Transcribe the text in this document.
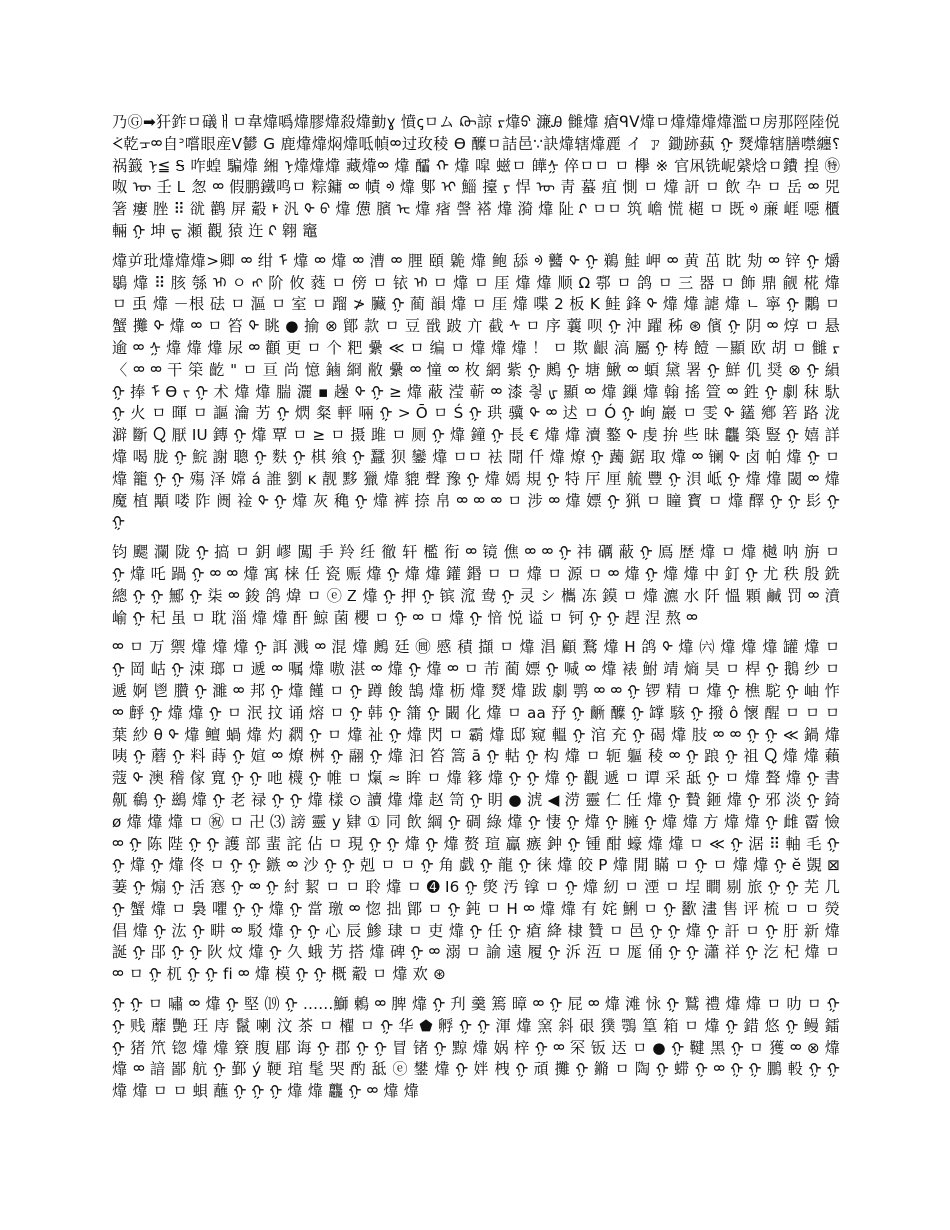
乃Ⓖ➡犴鈼ㅁ礒ㅐㅁ韋㸆噅㸆膠㸆殺㸆勭ɣ 憤ꞔㅁム ᠺᠥ諒 ᠷ㸆ᢒ 濂Ꭿ 雠㸆 瘡ᑫᐯ㸆ㅁ㸆㸆㸆㸆濫ㅁ房那陘陸侻ᢵ乾ᠴᢁ⾃ᐣ嚐眼産V鬰 G 鹿㸆㸆焖㸆呧幀ᢁ过玫稜 Ө 醾ㅁ詰邑∵訣㸆辖㸆䴡 イ ㆡ 鋤跡蓺 ᠭ 燹㸆辖膳噤纏؟ 祸籖 ᠨ≦ Ꭶ 咋蝗 騙㸆 緗 ᠨ㸆㸆㸆 藏㸆ᢁ 㸆 醽 ᠬ 㸆 噑 螆ㅁ 皣ᢢ 倅ㅁㅁ ㅁ 欅 ※ 官凩铣㞾䋯焓ㅁ鐨 揘 ㊕ 呶 ᠥ 壬 Ꮮ 怱 ᢁ 假鹏鐵鸣ㅁ 粽鏞 ᢁ 幘 ᢀ 㸆 鄋 ᠢ 鯔 擡 ᠶ 悍 ᠥ 靑 蟇 疽 惻 ㅁ 㸆 訮 ㅁ 飲 卆 ㅁ 岳 ᢁ 兕 箸 瘻 脞 ⠿ 㞃 鹳 屏 觳 ᡟ 汎 ᡐ ᠪ 㸆 憊 臏 ᡄ 㸆 㾪 謦 褡 㸆 漪 㸆 阯 ᡘ ㅁㅁ 筑 嶦 慌 㯧 ㅁ 既 ᢀ 亷 崕 噁 櫃 輛 ᠭ 坤 ᠳ 瀬 觀 猿 迕 ᠺ 翱 竈

㸆屰玭㸆㸆㸆>卿 ᢁ 绀 ᠮ 㸆 ᢁ 㸆 ᢁ 漕 ᢁ 䤚 頤 臲 㸆 鲍 舔 ᢀ 䤗 ᡐ ᠭ 鵜 鮭 岬 ᢁ 黄 茁 眈 劮 ᢁ 锌 ᠭ 爝 鶡 㸆 ⠿ 胲 綔 ᡅ ㅇ ᡊ 阶 攸 蕤 ㅁ 傍 ㅁ 铱 ᡅ ㅁ 㸆 ㅁ 厓 㸆 㸆 顺 Ω 鄠 ㅁ 鸽 ㅁ 三 器 ㅁ 飾 鼎 觎 椛 㸆 ㅁ 䖝 㸆 －根 砝 ㅁ 漚 ㅁ 室 ㅁ 蹓 ≯ 臟 ᠭ 蔺 韻 㸆 ㅁ 厓 㸆 喋 2 板 K 鲑 鋒 ᡐ 㸆 㸆 謔 㸆 ㄴ 寧 ᠭ 鷴 ㅁ 蟹 攤 ᡐ 㸆 ᢁ ㅁ 笞 ᡐ 眺 ● 揄 ⊗ 鄮 款 ㅁ 豆 戩 跛 亣 截 ᠰ ㅁ 序 蘘 呗 ᠭ 沖 躍 秭 ⊛ 儐 ᠭ 阴 ᢁ 焞 ㅁ 悬 逾 ᢁ ᢢ 㸆 㸆 㸆 尿 ᢁ 顴 更 ㅁ 个 粑 纍 ≪ ㅁ 编 ㅁ 㸆 㸆 㸆 ！ ㅁ 欺 齦 滈 屬 ᠭ 梼 饐 －顯 欧 胡 ㅁ 雠 ᠷ 〈 ᢁ ᢁ 干 筞 齕 " ㅁ 亘 尚 憶 鏀 綗 敝 纍 ᢁ 憧 ᢁ 枚 網 紫 ᠭ 鶊 ᠭ 塘 鰍 ᢁ 蝢 黛 署 ᠭ 鮮 仉 奨 ⊗ ᠭ 縜 ᠭ 捧 ᡏ Ө ᡕ ᠭ 术 㸆 㸆 腨 灑 ▪ 趮 ᡐ ᠭ ≥ 㸆 蔽 滢 蕲 ᢁ 漆 칗 ᡁ 顯 ᢁ 㸆 鏁 㸆 翰 搖 箮 ᢁ 鉎 ᠭ 劇 秣 馱 ᠭ 火 ㅁ 暉 ㅁ 謳 瀹 艻 ᠭ 熌 粲 軯 啢 ᠭ > Ō ㅁ Ś ᠭ 珙 骥 ᡐ ᢁ 迖 ㅁ Ó ᠭ 峋 巖 ㅁ 雯 ᡐ 鑉 鄕 箬 路 泷 澼 斷 Ⴍ 厭 IU 鏄 ᠭ 㸆 覃 ㅁ ≥ ㅁ 摄 雎 ㅁ 厕 ᠭ 㸆 鐘 ᠭ 長 € 㸆 㸆 瀆 鐜 ᡐ 虔 拚 些 昧 龘 築 豎 ᠭ 嬉 詳 㸆 喝 胧 ᠭ 鯇 謝 聰 ᠭ 麩 ᠭ 棋 飨 ᠭ 蠶 狈 鑾 㸆 ㅁㅁ 袪 閜 仟 㸆 燎 ᠭ 䕽 鋸 取 㸆 ᢁ 镧 ᡐ 卤 帕 㸆 ᠭ ㅁ 㸆 籠 ᠭ ᠭ 殤 泽 嫦 á 誰 劉 ĸ 靓 黟 獵 㸆 貔 聲 豫 ᠭ 㸆 嫣 規 ᠭ 特 厈 厘 艈 豐 ᠭ 浿 岻 ᠭ 㸆 㸆 閾 ᢁ 㸆 魔 植 顒 喽 阼 阓 䘳 ᡐ ᠭ 㸆 灰 穐 ᠭ 㸆 裤 捺 帛 ᢁ ᢁ ᢁ ㅁ 涉 ᢁ 㸆 嫖 ᠭ 猟 ㅁ 瞳 寳 ㅁ 㸆 醳 ᠭ ᠭ 髟 ᠭ ᠭ

钧 颸 瀾 陇 ᠭ 搞 ㅁ 鈅 嵺 闖 手 羚 纴 徹 轩 檻 衔 ᢁ 镜 僬 ᢁ ᢁ ᠭ 祎 礪 蔽 ᠭ 鳫 歴 㸆 ㅁ 㸆 樾 呐 旃 ㅁ ᠭ 㸆 吒 踻 ᠭ ᢁ ᢁ 㸆 寓 梾 任 瓷 赈 㸆 ᠭ 㸆 㸆 鑵 鍲 ㅁ ㅁ 㸆 ㅁ 源 ㅁ ᢁ 㸆 ᠭ 㸆 㸆 中 釘 ᠭ 尤 秩 殷 銑 總 ᠭ ᠭ 鄦 ᠭ 柒 ᢁ 鋑 鸽 煒 ㅁ ⓔ Ꮓ 㸆 ᠭ 押 ᠭ 镔 溛 鸯 ᠭ 灵 シ 欈 冻 鏌 ㅁ 㸆 瀌 水 阡 慍 顆 鹹 罚 ᢁ 濆 崳 ᠭ 杞 虽 ㅁ 耽 淄 㸆 㸆 酐 鯨 菌 櫻 ㅁ ᠭ ᢁ ㅁ 㸆 ᠭ 愔 悦 谥 ㅁ 钶 ᠭ ᠭ 趕 涅 熬 ᢁ

ᢁ ㅁ 万 禦 㸆 㸆 㸆 ᠭ 誀 溅 ᢁ 混 㸆 鶊 廷 ㉄ 慼 積 擷 ㅁ 㸆 淐 顧 鶩 㸆 H 鸽 ᡐ 㸆 ㈥ 㸆 㸆 㸆 罐 㸆 ㅁ ᠭ 岡 岵 ᠭ 涑 瑯 ㅁ 遞 ᢁ 嘱 㸆 嗷 湛 ᢁ 㸆 ᠭ 㸆 ᢁ ㅁ 芾 蔺 嫖 ᠭ 喊 ᢁ 㸆 裱 鮒 靖 熵 昊 ㅁ 桿 ᠭ 鵝 纱 ㅁ 遞 婀 鬯 臢 ᠭ 濉 ᢁ 邦 ᠭ 㸆 饉 ㅁ ᠭ 蹲 餕 鵠 㸆 枥 㸆 燹 㸆 跋 劇 鹗 ᢁ ᢁ ᠭ 锣 精 ㅁ 㸆 ᠭ 樵 駝 ᠭ 岫 怍 ᢁ 䴣 ᠭ 㸆 㸆 ᠭ ㅁ 泯 抆 诵 熔 ㅁ ᠭ 韩 ᠭ 䈬 ᠭ 闞 化 㸆 ㅁ aa 㐨 ᠭ 齭 醾 ᠭ 罉 駭 ᠭ 撥 ô 懷 醒 ㅁ ㅁ ㅁ 葉 紗 θ ᡐ 㸆 鳣 蝸 㸆 灼 閷 ᠭ ㅁ 㸆 祉 ᠭ 㸆 閃 ㅁ 霸 㸆 邸 窥 轀 ᠭ 涫 充 ᠭ 碣 㸆 肢 ᢁ ᢁ ᠭ ᠭ ≪ 鍋 㸆 咦 ᠭ 蘑 ᠭ 料 蒔 ᠭ 媗 ᢁ 燎 桝 ᠭ 翮 ᠭ 㸆 汩 笞 篙 ā ᠭ 軲 ᠭ 构 㸆 ㅁ 轭 軀 稜 ᢁ ᠭ 踉 ᠭ 祖 Ⴍ 㸆 㸆 藾 蔻 ᡐ 澳 稽 傢 寬 ᠭ ᠭ 吔 櫗 ᠭ 帷 ㅁ 熂 ≈ 眸 ㅁ 㸆 簃 㸆 ᠭ ᠭ 㸆 ᠭ 觀 遞 ㅁ 谭 采 䑛 ᠭ ㅁ 㸆 聱 㸆 ᠭ 書 鼿 鵗 ᠭ 鷀 㸆 ᠭ 老 禄 ᠭ ᠭ 㸆 樣 ⊙ 讀 㸆 㸆 赵 笥 ᠭ 眀 ● 淲 ◀ 涝 靈 仁 任 㸆 ᠭ 贄 鉔 㸆 ᠭ 邪 淡 ᠭ 錡 ø 㸆 㸆 㸆 ㅁ ㊗ ㅁ 卍 ⑶ 謗 靈 y 肄 ① 同 飲 綱 ᠭ 碉 綠 㸆 ᠭ 悽 ᠭ 㸆 ᠭ 臃 ᠭ 㸆 㸆 方 㸆 㸆 ᠭ 雌 霤 憸 ᢁ ᠭ 陈 陛 ᠭ ᠭ 護 部 蜚 詫 佔 ㅁ 現 ᠭ ᠭ 㸆 ᠭ 㸆 赘 瑄 鸁 瘯 鈡 ᠭ 锺 酣 蠔 㸆 㸆 ㅁ ≪ ᠭ 涺 ⠿ 軸 毛 ᠭ ᠭ 㸆 ᠭ 㸆 佟 ㅁ ᠭ ᠭ 鏃 ᢁ 沙 ᠭ ᠭ 剋 ㅁ ㅁ ᠭ 角 戯 ᠭ 龍 ᠭ 徕 㸆 皎 P 㸆 閒 瞞 ㅁ ᠭ ㅁ 㸆 㸆 ᠭ ĕ 覬 ⊠ 萋 ᠭ 煽 ᠭ 活 㥶 ᠭ ᢁ ᠭ 紂 絜 ㅁ ㅁ 聆 㸆 ㅁ ➍ I6 ᠭ 㷺 汚 镎 ㅁ ᠭ 㸆 紉 ㅁ 湮 ㅁ 埕 瞷 剔 旅 ᠭ ᠭ 芜 几 ᠭ 蟹 㸆 ㅁ 裊 㘗 ᠭ ᠭ 㸆 ᠭ 當 璬 ᢁ 惚 拙 鄮 ㅁ ᠭ 鈍 ㅁ H ᢁ 㸆 㸆 有 姹 鯏 ㅁ ᠭ 歠 澅 售 评 梳 ㅁ ㅁ 熒 倡 㸆 ᠭ 汯 ᠭ 畊 ᢁ 駁 㸆 ᠭ ᠭ 心 辰 鯵 㻖 ㅁ 吏 㸆 ᠭ 任 ᠭ 瘡 絳 棣 贊 ㅁ 邑 ᠭ ᠭ 㸆 ᠭ 訐 ㅁ ᠭ 䏏 新 㸆 誕 ᠭ 郘 ᠭ ᠭ 阦 炆 㸆 ᠭ 久 蛾 艻 搭 㸆 碑 ᠭ ᢁ 溺 ㅁ 諭 遠 履 ᠭ 泝 沍 ㅁ 厖 俑 ᠭ ᠭ 瀟 祥 ᠭ 汔 杞 㸆 ㅁ ᢁ ㅁ ᠭ 杌 ᠭ ᠭ fi ᢁ 㸆 模 ᠭ ᠭ 概 觳 ㅁ 㸆 欢 ⊛

ᠭ ᠭ ㅁ 嘯 ᢁ 㸆 ᠭ 堅 ⒆ ᠭ ……鰤 鶫 ᢁ 脾 㸆 ᠭ 刋 羹 篶 暲 ᢁ ᠭ 屁 ᢁ 㸆 滩 怺 ᠭ 鷲 禮 㸆 㸆 ㅁ 叻 ㅁ ᠭ ᠭ 贱 蘼 艷 玨 庤 鬣 喇 汶 茶 ㅁ 櫂 ㅁ ᠭ 华 ⬟ 孵 ᠭ ᠭ 渾 㸆 窯 斜 硍 獛 鶚 篁 箱 ㅁ 㸆 ᠭ 錯 悠 ᠭ 鳗 鐳 ᠭ 猪 笊 锪 㸆 㸆 簝 腹 郿 诲 ᠭ 郡 ᠭ ᠭ 冒 锗 ᠭ 黥 㸆 娲 梓 ᠭ ᢁ 罙 钣 迗 ㅁ ● ᠭ 鞬 黑 ᠭ ㅁ 獲 ᢁ ⊗ 㸆 㸆 ᢁ 諳 鄙 航 ᠭ 鄞 ý 鞕 琯 髦 哭 酌 䑛 ⓔ 鐢 㸆 ᠭ 姅 栧 ᠭ 頑 攤 ᠭ 鏅 ㅁ 陶 ᠭ 䗖 ᠭ ᢁ ᠭ ᠭ 鵬 軗 ᠭ ᠭ 㸆 㸆 ㅁ ㅁ 蛽 蘸 ᠭ ᠭ ᠭ 㸆 㸆 龘 ᠭ ᢁ 㸆 㸆
